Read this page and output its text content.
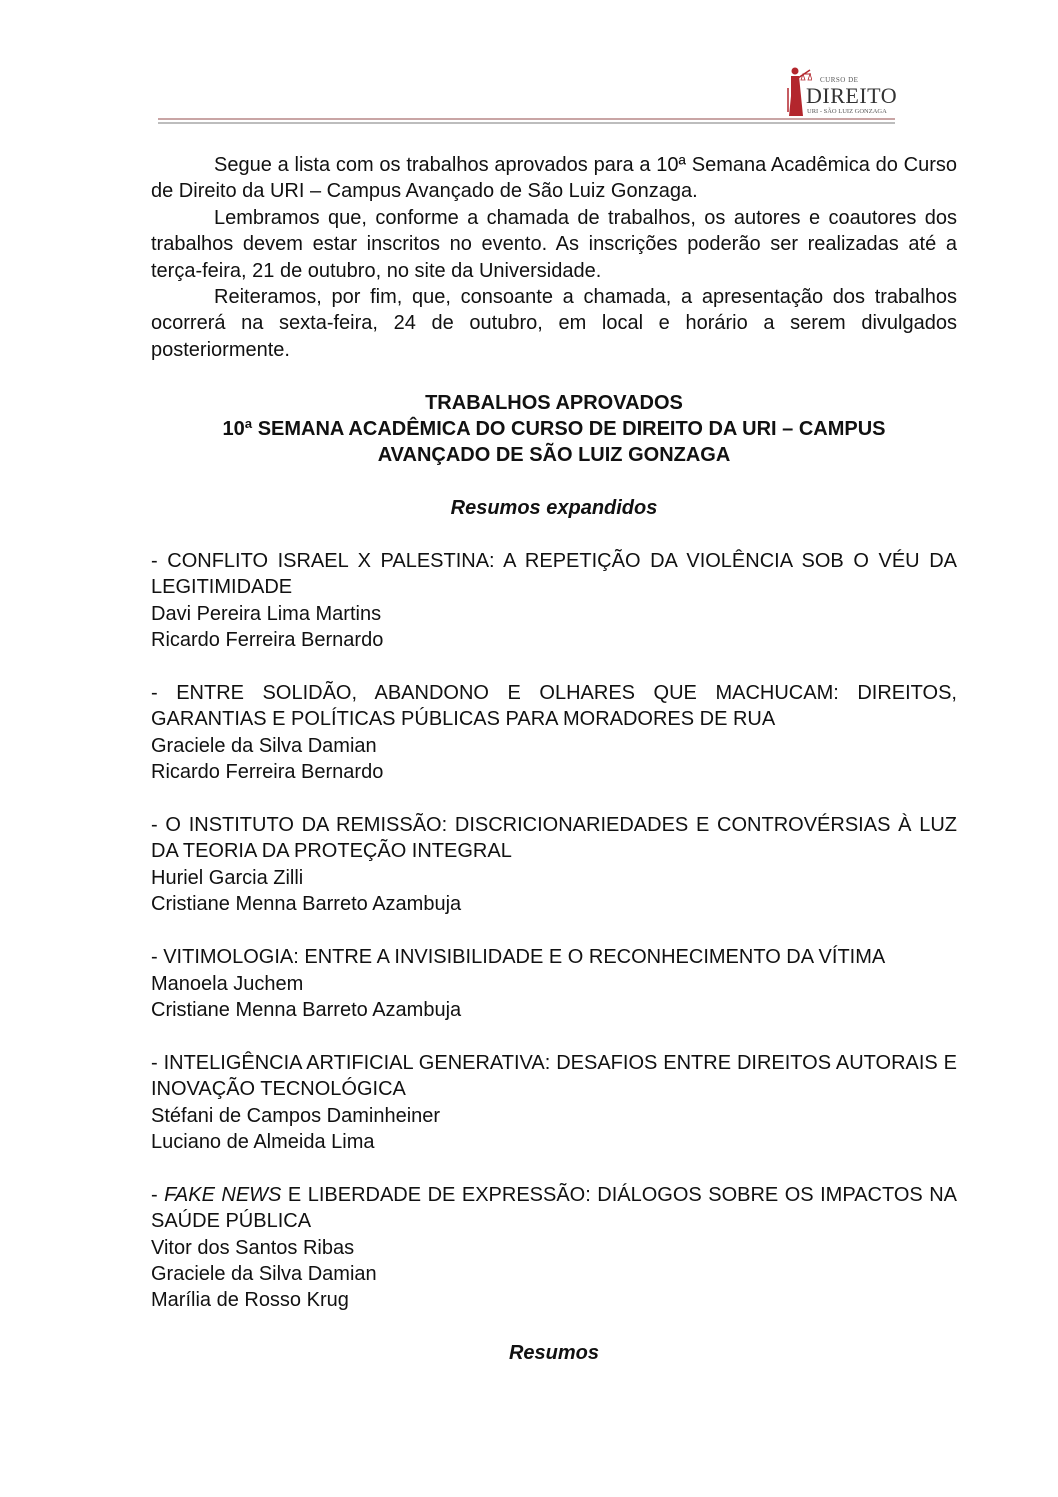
CURSO DE
DIREITO
URI - SÃO LUIZ GONZAGA

Segue a lista com os trabalhos aprovados para a 10ª Semana Acadêmica do Curso de Direito da URI – Campus Avançado de São Luiz Gonzaga.

Lembramos que, conforme a chamada de trabalhos, os autores e coautores dos trabalhos devem estar inscritos no evento. As inscrições poderão ser realizadas até a terça-feira, 21 de outubro, no site da Universidade.

Reiteramos, por fim, que, consoante a chamada, a apresentação dos trabalhos ocorrerá na sexta-feira, 24 de outubro, em local e horário a serem divulgados posteriormente.

TRABALHOS APROVADOS

10ª SEMANA ACADÊMICA DO CURSO DE DIREITO DA URI – CAMPUS AVANÇADO DE SÃO LUIZ GONZAGA

Resumos expandidos

- CONFLITO ISRAEL X PALESTINA: A REPETIÇÃO DA VIOLÊNCIA SOB O VÉU DA LEGITIMIDADE

Davi Pereira Lima Martins

Ricardo Ferreira Bernardo

- ENTRE SOLIDÃO, ABANDONO E OLHARES QUE MACHUCAM: DIREITOS, GARANTIAS E POLÍTICAS PÚBLICAS PARA MORADORES DE RUA

Graciele da Silva Damian

Ricardo Ferreira Bernardo

- O INSTITUTO DA REMISSÃO: DISCRICIONARIEDADES E CONTROVÉRSIAS À LUZ DA TEORIA DA PROTEÇÃO INTEGRAL

Huriel Garcia Zilli

Cristiane Menna Barreto Azambuja

- VITIMOLOGIA: ENTRE A INVISIBILIDADE E O RECONHECIMENTO DA VÍTIMA

Manoela Juchem

Cristiane Menna Barreto Azambuja

- INTELIGÊNCIA ARTIFICIAL GENERATIVA: DESAFIOS ENTRE DIREITOS AUTORAIS E INOVAÇÃO TECNOLÓGICA

Stéfani de Campos Daminheiner

Luciano de Almeida Lima

- FAKE NEWS E LIBERDADE DE EXPRESSÃO: DIÁLOGOS SOBRE OS IMPACTOS NA SAÚDE PÚBLICA

Vitor dos Santos Ribas

Graciele da Silva Damian

Marília de Rosso Krug

Resumos
